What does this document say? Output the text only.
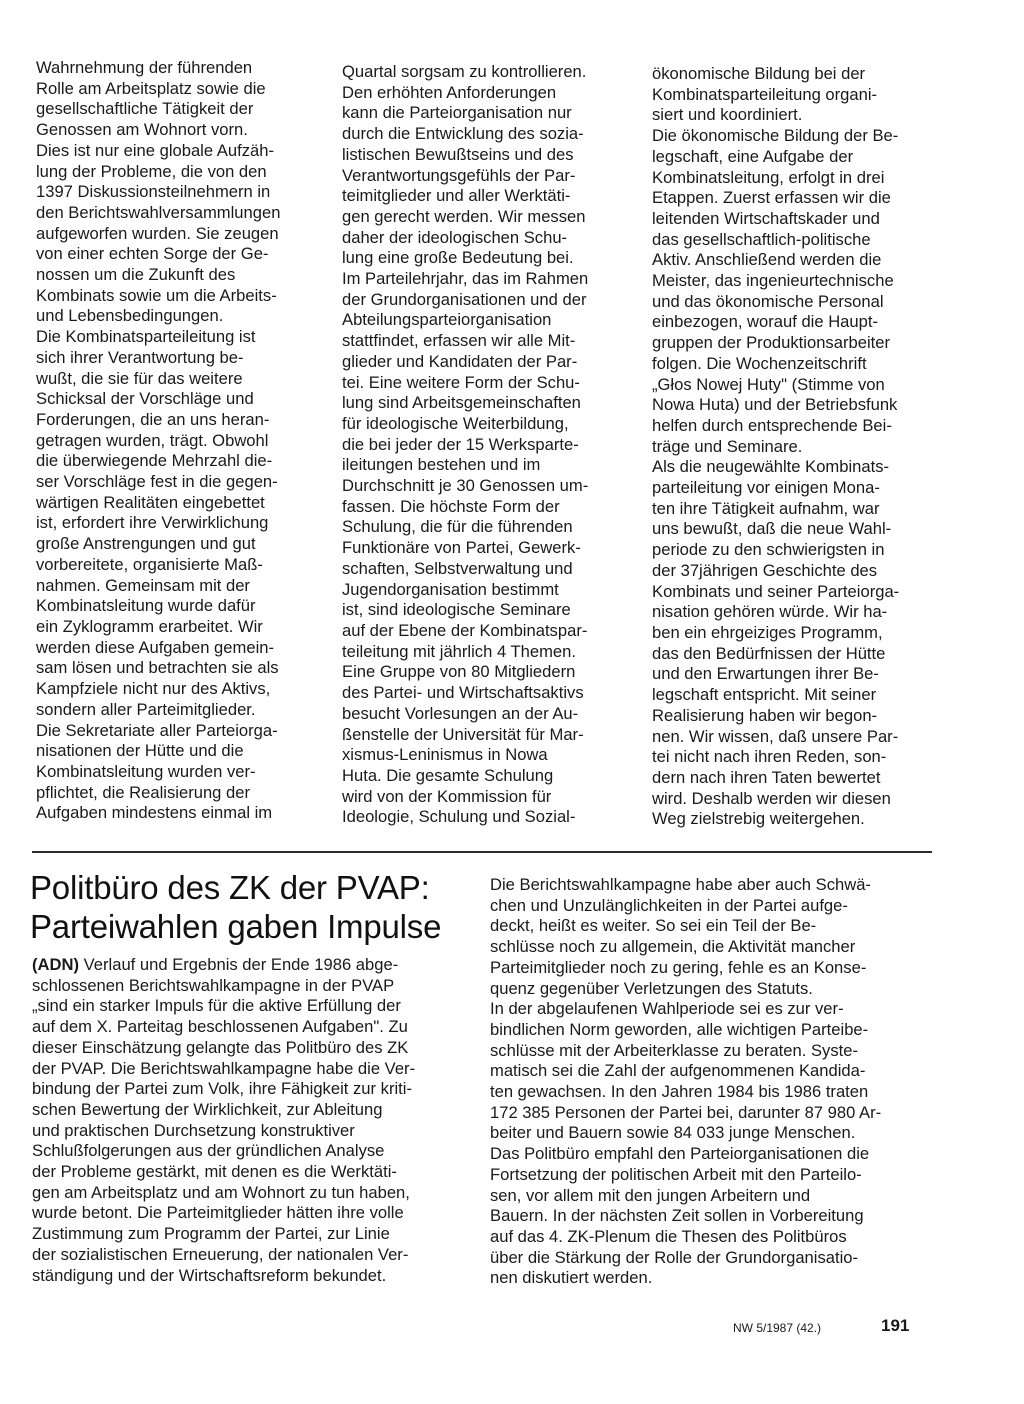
Wahrnehmung der führenden
Rolle am Arbeitsplatz sowie die
gesellschaftliche Tätigkeit der
Genossen am Wohnort vorn.
Dies ist nur eine globale Aufzäh-
lung der Probleme, die von den
1397 Diskussionsteilnehmern in
den Berichtswahlversammlungen
aufgeworfen wurden. Sie zeugen
von einer echten Sorge der Ge-
nossen um die Zukunft des
Kombinats sowie um die Arbeits-
und Lebensbedingungen.
Die Kombinatsparteileitung ist
sich ihrer Verantwortung be-
wußt, die sie für das weitere
Schicksal der Vorschläge und
Forderungen, die an uns heran-
getragen wurden, trägt. Obwohl
die überwiegende Mehrzahl die-
ser Vorschläge fest in die gegen-
wärtigen Realitäten eingebettet
ist, erfordert ihre Verwirklichung
große Anstrengungen und gut
vorbereitete, organisierte Maß-
nahmen. Gemeinsam mit der
Kombinatsleitung wurde dafür
ein Zyklogramm erarbeitet. Wir
werden diese Aufgaben gemein-
sam lösen und betrachten sie als
Kampfziele nicht nur des Aktivs,
sondern aller Parteimitglieder.
Die Sekretariate aller Parteiorga-
nisationen der Hütte und die
Kombinatsleitung wurden ver-
pflichtet, die Realisierung der
Aufgaben mindestens einmal im
Quartal sorgsam zu kontrollieren.
Den erhöhten Anforderungen
kann die Parteiorganisation nur
durch die Entwicklung des sozia-
listischen Bewußtseins und des
Verantwortungsgefühls der Par-
teimitglieder und aller Werktäti-
gen gerecht werden. Wir messen
daher der ideologischen Schu-
lung eine große Bedeutung bei.
Im Parteilehrjahr, das im Rahmen
der Grundorganisationen und der
Abteilungsparteiorganisation
stattfindet, erfassen wir alle Mit-
glieder und Kandidaten der Par-
tei. Eine weitere Form der Schu-
lung sind Arbeitsgemeinschaften
für ideologische Weiterbildung,
die bei jeder der 15 Werksparte-
ileitungen bestehen und im
Durchschnitt je 30 Genossen um-
fassen. Die höchste Form der
Schulung, die für die führenden
Funktionäre von Partei, Gewerk-
schaften, Selbstverwaltung und
Jugendorganisation bestimmt
ist, sind ideologische Seminare
auf der Ebene der Kombinatspar-
teileitung mit jährlich 4 Themen.
Eine Gruppe von 80 Mitgliedern
des Partei- und Wirtschaftsaktivs
besucht Vorlesungen an der Au-
ßenstelle der Universität für Mar-
xismus-Leninismus in Nowa
Huta. Die gesamte Schulung
wird von der Kommission für
Ideologie, Schulung und Sozial-
ökonomische Bildung bei der
Kombinatsparteileitung organi-
siert und koordiniert.
Die ökonomische Bildung der Be-
legschaft, eine Aufgabe der
Kombinatsleitung, erfolgt in drei
Etappen. Zuerst erfassen wir die
leitenden Wirtschaftskader und
das gesellschaftlich-politische
Aktiv. Anschließend werden die
Meister, das ingenieurtechnische
und das ökonomische Personal
einbezogen, worauf die Haupt-
gruppen der Produktionsarbeiter
folgen. Die Wochenzeitschrift
„Głos Nowej Huty" (Stimme von
Nowa Huta) und der Betriebsfunk
helfen durch entsprechende Bei-
träge und Seminare.
Als die neugewählte Kombinats-
parteileitung vor einigen Mona-
ten ihre Tätigkeit aufnahm, war
uns bewußt, daß die neue Wahl-
periode zu den schwierigsten in
der 37jährigen Geschichte des
Kombinats und seiner Parteiorga-
nisation gehören würde. Wir ha-
ben ein ehrgeiziges Programm,
das den Bedürfnissen der Hütte
und den Erwartungen ihrer Be-
legschaft entspricht. Mit seiner
Realisierung haben wir begon-
nen. Wir wissen, daß unsere Par-
tei nicht nach ihren Reden, son-
dern nach ihren Taten bewertet
wird. Deshalb werden wir diesen
Weg zielstrebig weitergehen.
Politbüro des ZK der PVAP:
Parteiwahlen gaben Impulse
(ADN) Verlauf und Ergebnis der Ende 1986 abge-
schlossenen Berichtswahlkampagne in der PVAP
„sind ein starker Impuls für die aktive Erfüllung der
auf dem X. Parteitag beschlossenen Aufgaben". Zu
dieser Einschätzung gelangte das Politbüro des ZK
der PVAP. Die Berichtswahlkampagne habe die Ver-
bindung der Partei zum Volk, ihre Fähigkeit zur kriti-
schen Bewertung der Wirklichkeit, zur Ableitung
und praktischen Durchsetzung konstruktiver
Schlußfolgerungen aus der gründlichen Analyse
der Probleme gestärkt, mit denen es die Werktäti-
gen am Arbeitsplatz und am Wohnort zu tun haben,
wurde betont. Die Parteimitglieder hätten ihre volle
Zustimmung zum Programm der Partei, zur Linie
der sozialistischen Erneuerung, der nationalen Ver-
ständigung und der Wirtschaftsreform bekundet.
Die Berichtswahlkampagne habe aber auch Schwä-
chen und Unzulänglichkeiten in der Partei aufge-
deckt, heißt es weiter. So sei ein Teil der Be-
schlüsse noch zu allgemein, die Aktivität mancher
Parteimitglieder noch zu gering, fehle es an Konse-
quenz gegenüber Verletzungen des Statuts.
In der abgelaufenen Wahlperiode sei es zur ver-
bindlichen Norm geworden, alle wichtigen Parteibe-
schlüsse mit der Arbeiterklasse zu beraten. Syste-
matisch sei die Zahl der aufgenommenen Kandida-
ten gewachsen. In den Jahren 1984 bis 1986 traten
172 385 Personen der Partei bei, darunter 87 980 Ar-
beiter und Bauern sowie 84 033 junge Menschen.
Das Politbüro empfahl den Parteiorganisationen die
Fortsetzung der politischen Arbeit mit den Parteilo-
sen, vor allem mit den jungen Arbeitern und
Bauern. In der nächsten Zeit sollen in Vorbereitung
auf das 4. ZK-Plenum die Thesen des Politbüros
über die Stärkung der Rolle der Grundorganisatio-
nen diskutiert werden.
NW 5/1987 (42.)	191
